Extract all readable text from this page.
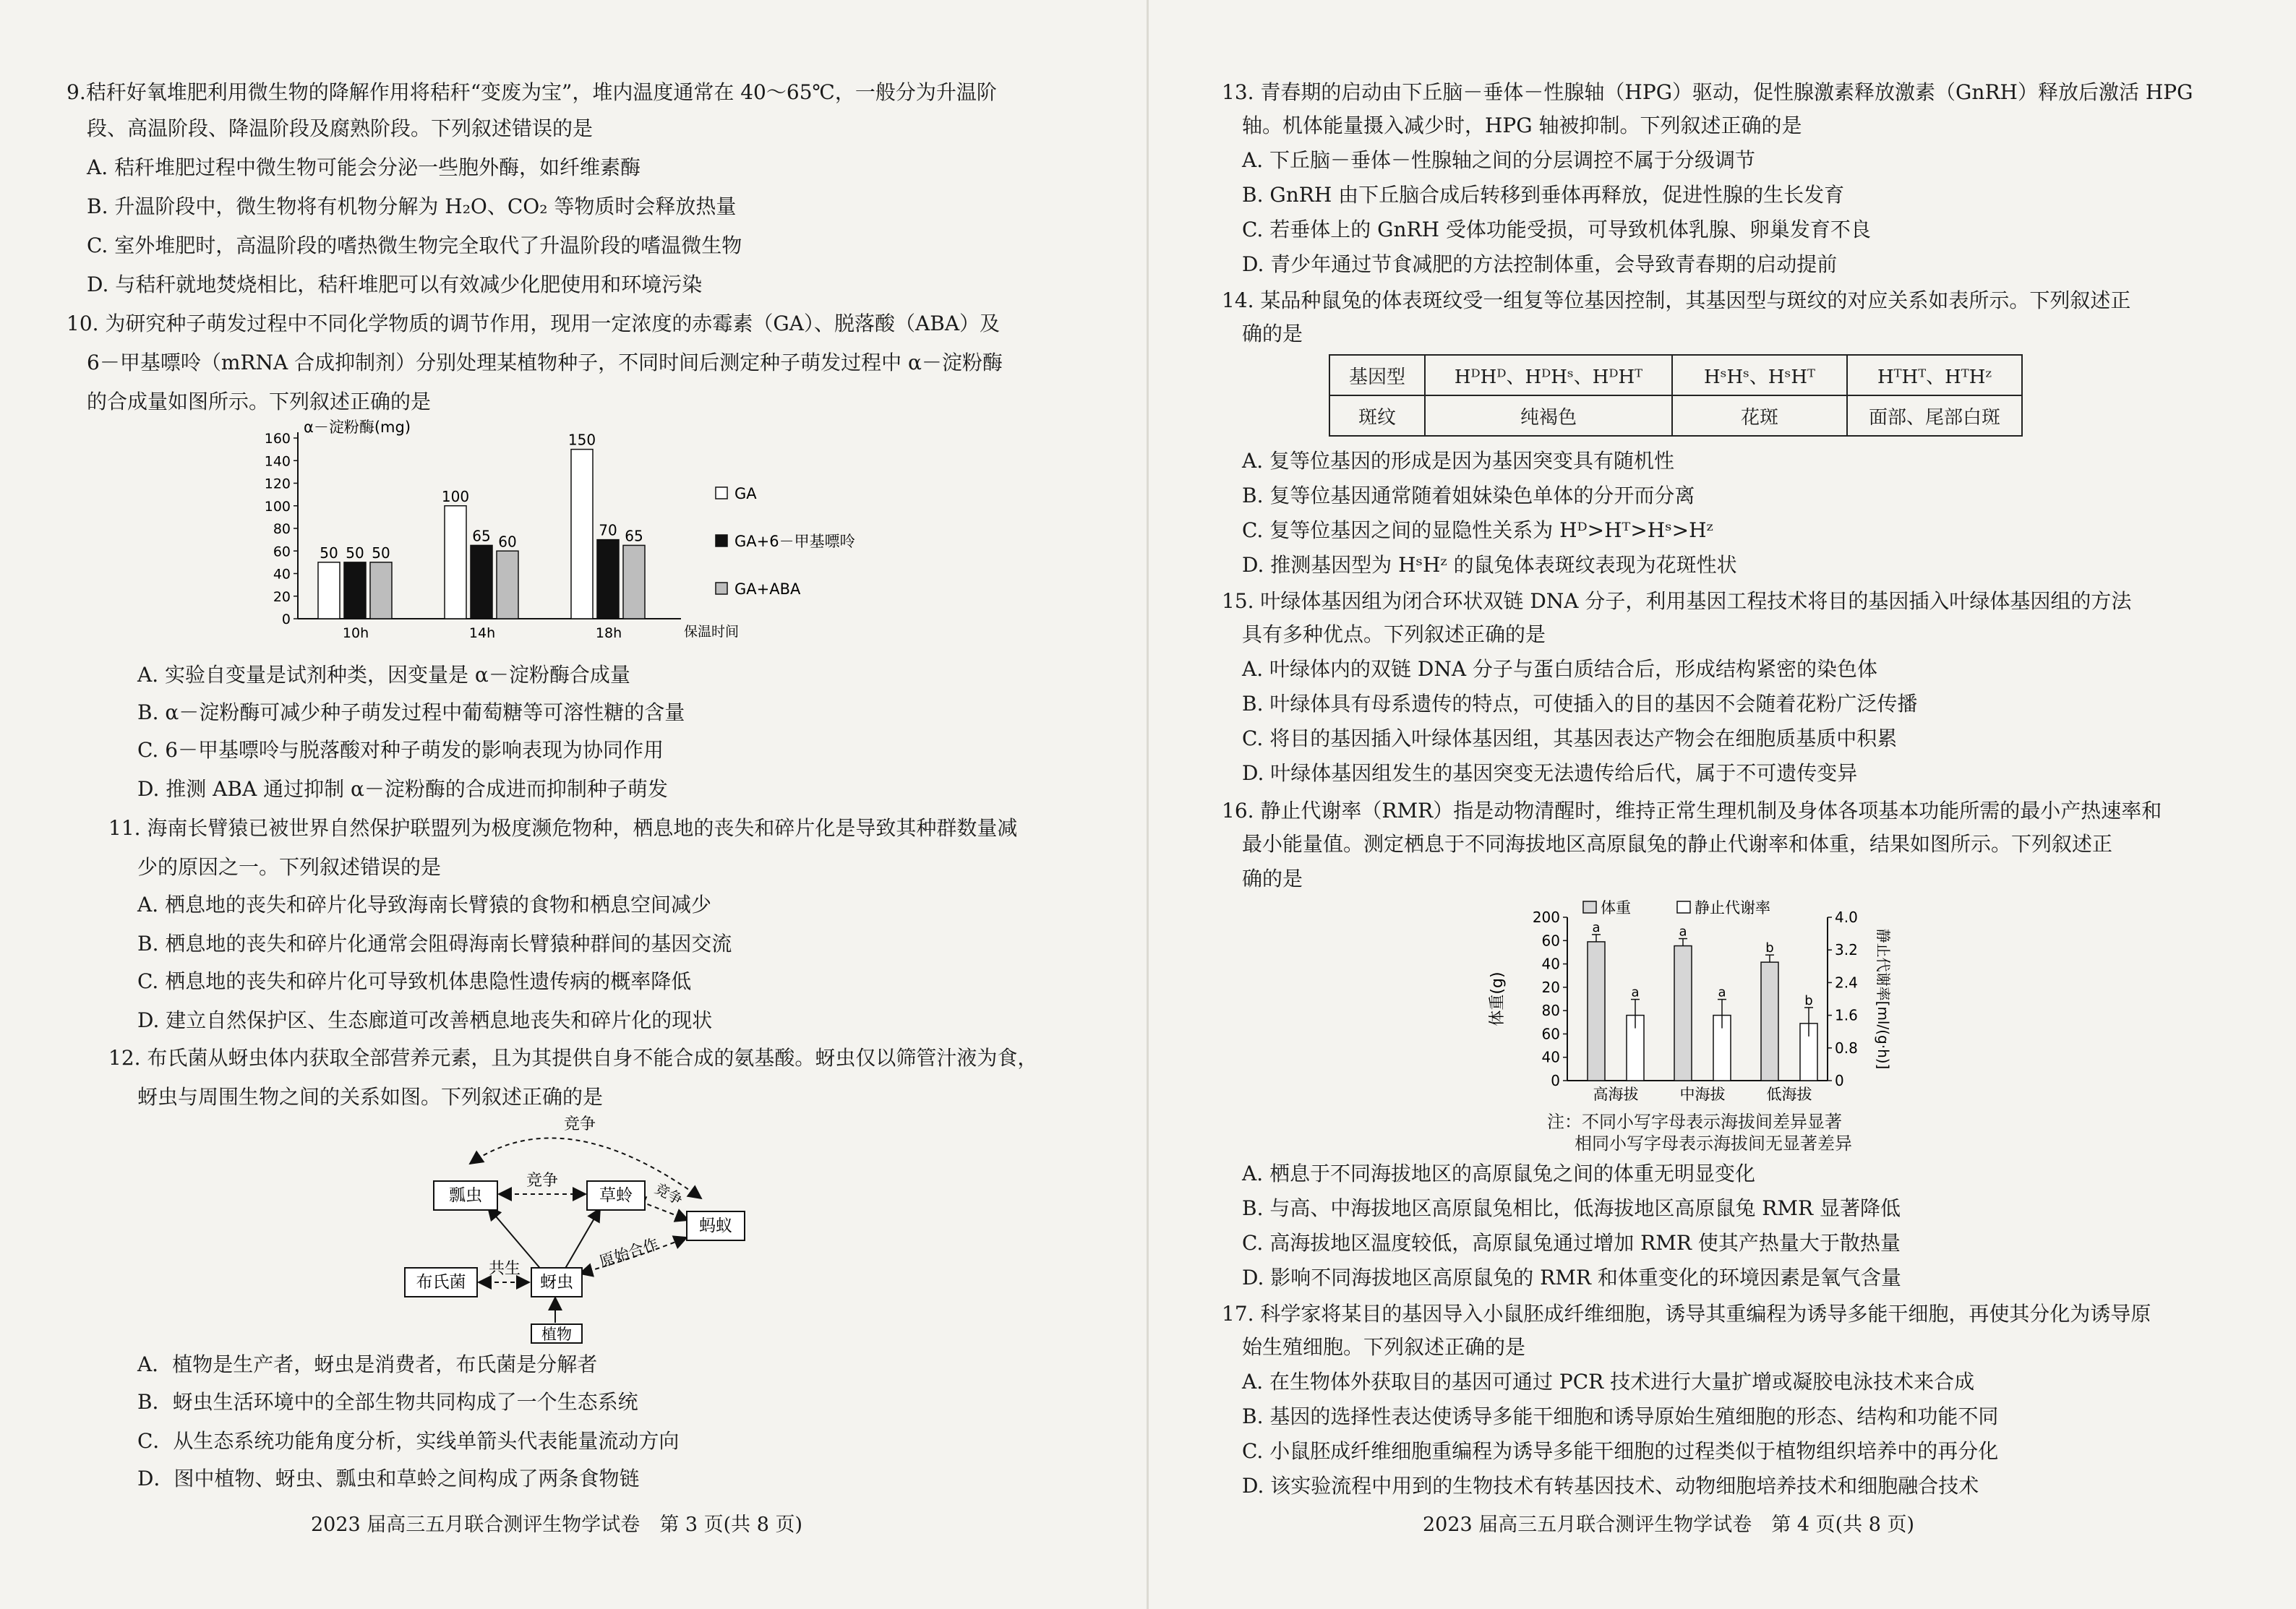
9.秸秆好氧堆肥利用微生物的降解作用将秸秆“变废为宝”，堆内温度通常在 40～65℃，一般分为升温阶
段、高温阶段、降温阶段及腐熟阶段。下列叙述错误的是
A. 秸秆堆肥过程中微生物可能会分泌一些胞外酶，如纤维素酶
B. 升温阶段中，微生物将有机物分解为 H₂O、CO₂ 等物质时会释放热量
C. 室外堆肥时，高温阶段的嗜热微生物完全取代了升温阶段的嗜温微生物
D. 与秸秆就地焚烧相比，秸秆堆肥可以有效减少化肥使用和环境污染
10. 为研究种子萌发过程中不同化学物质的调节作用，现用一定浓度的赤霉素（GA）、脱落酸（ABA）及
6－甲基嘌呤（mRNA 合成抑制剂）分别处理某植物种子，不同时间后测定种子萌发过程中 α－淀粉酶
的合成量如图所示。下列叙述正确的是
α－淀粉酶(mg)
保温时间
0
20
40
60
80
100
120
140
160
50 50 50
10h
100
65 60
14h
150
70 65
18h
GA
GA+6－甲基嘌呤
GA+ABA
A. 实验自变量是试剂种类，因变量是 α－淀粉酶合成量
B. α－淀粉酶可减少种子萌发过程中葡萄糖等可溶性糖的含量
C. 6－甲基嘌呤与脱落酸对种子萌发的影响表现为协同作用
D. 推测 ABA 通过抑制 α－淀粉酶的合成进而抑制种子萌发
11. 海南长臂猿已被世界自然保护联盟列为极度濒危物种，栖息地的丧失和碎片化是导致其种群数量减
少的原因之一。下列叙述错误的是
A. 栖息地的丧失和碎片化导致海南长臂猿的食物和栖息空间减少
B. 栖息地的丧失和碎片化通常会阻碍海南长臂猿种群间的基因交流
C. 栖息地的丧失和碎片化可导致机体患隐性遗传病的概率降低
D. 建立自然保护区、生态廊道可改善栖息地丧失和碎片化的现状
12. 布氏菌从蚜虫体内获取全部营养元素，且为其提供自身不能合成的氨基酸。蚜虫仅以筛管汁液为食，
蚜虫与周围生物之间的关系如图。下列叙述正确的是
瓢虫	草蛉
蚂蚁
布氏菌	蚜虫
植物
竞争
竞争	竞争
共生	原始合作
A．植物是生产者，蚜虫是消费者，布氏菌是分解者
B．蚜虫生活环境中的全部生物共同构成了一个生态系统
C．从生态系统功能角度分析，实线单箭头代表能量流动方向
D．图中植物、蚜虫、瓢虫和草蛉之间构成了两条食物链
2023 届高三五月联合测评生物学试卷　第 3 页(共 8 页)
13. 青春期的启动由下丘脑－垂体－性腺轴（HPG）驱动，促性腺激素释放激素（GnRH）释放后激活 HPG
轴。机体能量摄入减少时，HPG 轴被抑制。下列叙述正确的是
A. 下丘脑－垂体－性腺轴之间的分层调控不属于分级调节
B. GnRH 由下丘脑合成后转移到垂体再释放，促进性腺的生长发育
C. 若垂体上的 GnRH 受体功能受损，可导致机体乳腺、卵巢发育不良
D. 青少年通过节食减肥的方法控制体重，会导致青春期的启动提前
14. 某品种鼠兔的体表斑纹受一组复等位基因控制，其基因型与斑纹的对应关系如表所示。下列叙述正
确的是
基因型	HᴰHᴰ、HᴰHˢ、HᴰHᵀ	HˢHˢ、HˢHᵀ	HᵀHᵀ、HᵀHᶻ
斑纹	纯褐色	花斑	面部、尾部白斑
A. 复等位基因的形成是因为基因突变具有随机性
B. 复等位基因通常随着姐妹染色单体的分开而分离
C. 复等位基因之间的显隐性关系为 Hᴰ>Hᵀ>Hˢ>Hᶻ
D. 推测基因型为 HˢHᶻ 的鼠兔体表斑纹表现为花斑性状
15. 叶绿体基因组为闭合环状双链 DNA 分子，利用基因工程技术将目的基因插入叶绿体基因组的方法
具有多种优点。下列叙述正确的是
A. 叶绿体内的双链 DNA 分子与蛋白质结合后，形成结构紧密的染色体
B. 叶绿体具有母系遗传的特点，可使插入的目的基因不会随着花粉广泛传播
C. 将目的基因插入叶绿体基因组，其基因表达产物会在细胞质基质中积累
D. 叶绿体基因组发生的基因突变无法遗传给后代，属于不可遗传变异
16. 静止代谢率（RMR）指是动物清醒时，维持正常生理机制及身体各项基本功能所需的最小产热速率和
最小能量值。测定栖息于不同海拔地区高原鼠兔的静止代谢率和体重，结果如图所示。下列叙述正
确的是
200
60
40
20
80
60
40
0
4.0
3.2
2.4
1.6
0.8
0
体重(g)	静止代谢率[ml/(g·h)]
体重	静止代谢率
a
a
高海拔
a
a
中海拔
b
b
低海拔
注：不同小写字母表示海拔间差异显著
相同小写字母表示海拔间无显著差异
A. 栖息于不同海拔地区的高原鼠兔之间的体重无明显变化
B. 与高、中海拔地区高原鼠兔相比，低海拔地区高原鼠兔 RMR 显著降低
C. 高海拔地区温度较低，高原鼠兔通过增加 RMR 使其产热量大于散热量
D. 影响不同海拔地区高原鼠兔的 RMR 和体重变化的环境因素是氧气含量
17. 科学家将某目的基因导入小鼠胚成纤维细胞，诱导其重编程为诱导多能干细胞，再使其分化为诱导原
始生殖细胞。下列叙述正确的是
A. 在生物体外获取目的基因可通过 PCR 技术进行大量扩增或凝胶电泳技术来合成
B. 基因的选择性表达使诱导多能干细胞和诱导原始生殖细胞的形态、结构和功能不同
C. 小鼠胚成纤维细胞重编程为诱导多能干细胞的过程类似于植物组织培养中的再分化
D. 该实验流程中用到的生物技术有转基因技术、动物细胞培养技术和细胞融合技术
2023 届高三五月联合测评生物学试卷　第 4 页(共 8 页)
